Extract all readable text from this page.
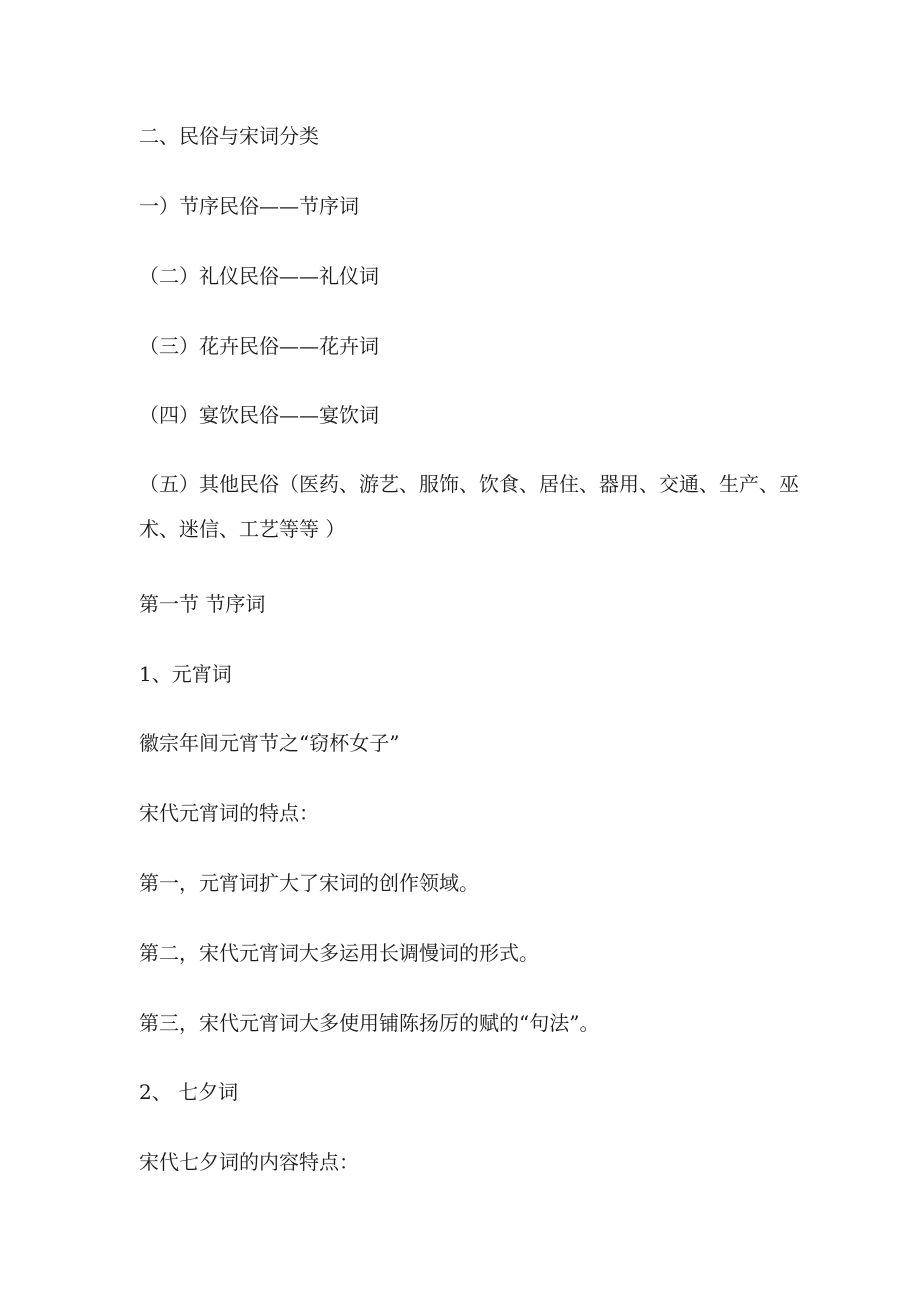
二、民俗与宋词分类
一）节序民俗——节序词
（二）礼仪民俗——礼仪词
（三）花卉民俗——花卉词
（四）宴饮民俗——宴饮词
（五）其他民俗（医药、游艺、服饰、饮食、居住、器用、交通、生产、巫术、迷信、工艺等等 ）
第一节 节序词
1、元宵词
徽宗年间元宵节之“窃杯女子”
宋代元宵词的特点：
第一，元宵词扩大了宋词的创作领域。
第二，宋代元宵词大多运用长调慢词的形式。
第三，宋代元宵词大多使用铺陈扬厉的赋的“句法”。
2、 七夕词
宋代七夕词的内容特点：
